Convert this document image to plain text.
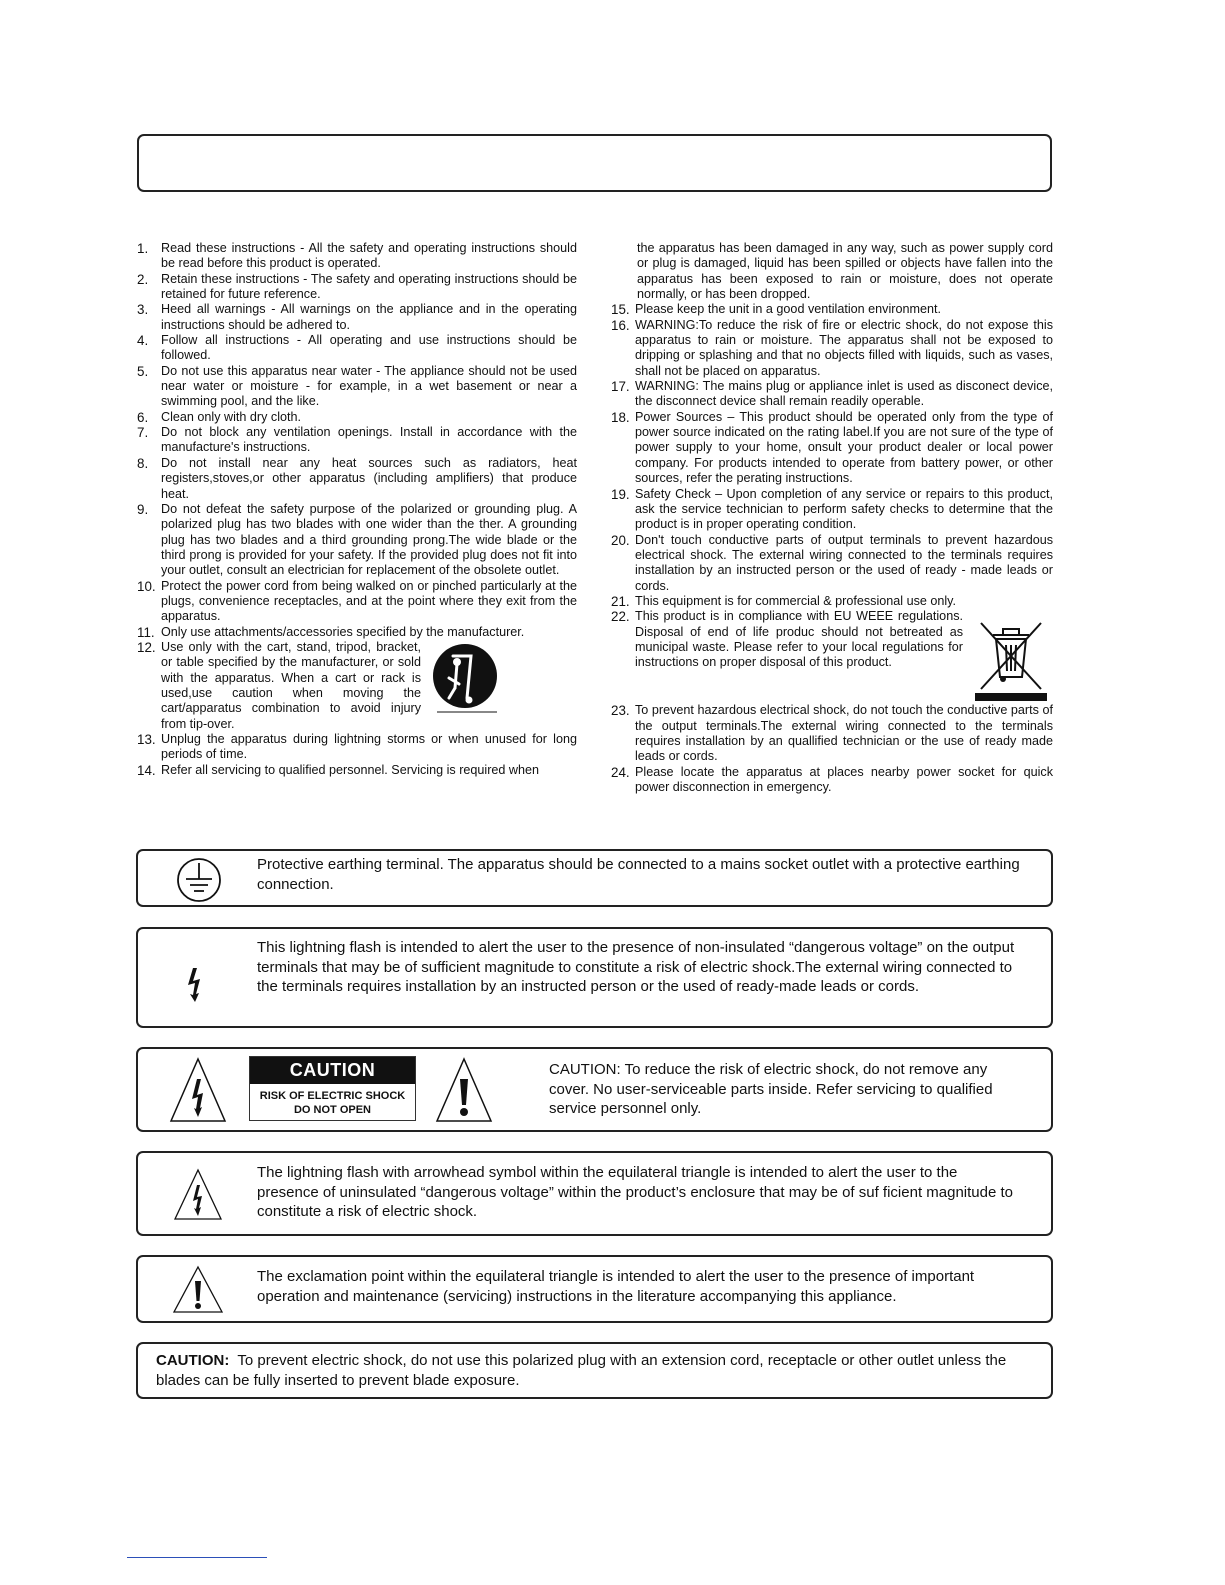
1.	Read these instructions - All the safety and operating instructions should be read before this product is operated.
2.	Retain these instructions - The safety and operating instructions should be retained for future reference.
3.	Heed all warnings - All warnings on the appliance and in the operating instructions should be adhered to.
4.	Follow all instructions - All operating and use instructions should be followed.
5.	Do not use this apparatus near water - The appliance should not be used near water or moisture - for example, in a wet basement or near a swimming pool, and the like.
6.	Clean only with dry cloth.
7.	Do not block any ventilation openings. Install in accordance with the manufacture's instructions.
8.	Do not install near any heat sources such as radiators, heat registers,stoves,or other apparatus (including amplifiers) that produce heat.
9.	Do not defeat the safety purpose of the polarized or grounding plug. A polarized plug has two blades with one wider than the ther. A grounding plug has two blades and a third grounding prong.The wide blade or the third prong is provided for your safety. If the provided plug does not fit into your outlet, consult an electrician for replacement of the obsolete outlet.
10. Protect the power cord from being walked on or pinched particularly at the plugs, convenience receptacles, and at the point where they exit from the apparatus.
11. Only use attachments/accessories specified by the manufacturer.
12. Use only with the cart, stand, tripod, bracket, or table specified by the manufacturer, or sold with the apparatus. When a cart or rack is used,use caution when moving the cart/apparatus combination to avoid injury from tip-over.
13. Unplug the apparatus during lightning storms or when unused for long periods of time.
14. Refer all servicing to qualified personnel. Servicing is required when
the apparatus has been damaged in any way, such as power supply cord or plug is damaged, liquid has been spilled or objects have fallen into the apparatus has been exposed to rain or moisture, does not operate normally, or has been dropped.
15. Please keep the unit in a good ventilation environment.
16. WARNING:To reduce the risk of fire or electric shock, do not expose this apparatus to rain or moisture. The apparatus shall not be exposed to dripping or splashing and that no objects filled with liquids, such as vases, shall not be placed on apparatus.
17. WARNING: The mains plug or appliance inlet is used as disconect device, the disconnect device shall remain readily operable.
18. Power Sources – This product should be operated only from the type of power source indicated on the rating label.If you are not sure of the type of power supply to your home, onsult your product dealer or local power company. For products intended to operate from battery power, or other sources, refer the perating instructions.
19. Safety Check – Upon completion of any service or repairs to this product, ask the service technician to perform safety checks to determine that the product is in proper operating condition.
20. Don't touch conductive parts of output terminals to prevent hazardous electrical shock. The external wiring connected to the terminals requires installation by an instructed person or the used of ready - made leads or cords.
21. This equipment is for commercial & professional use only.
22. This product is in compliance with EU WEEE regulations. Disposal of end of life produc should not betreated as municipal waste. Please refer to your local regulations for instructions on proper disposal of this product.
23. To prevent hazardous electrical shock, do not touch the conductive parts of the output terminals.The external wiring connected to the terminals requires installation by an quallified technician or the use of ready made leads or cords.
24. Please locate the apparatus at places nearby power socket for quick power disconnection in emergency.
Protective earthing terminal. The apparatus should be connected to a mains socket outlet with a protective earthing connection.
This lightning flash is intended to alert the user to the presence of non-insulated “dangerous voltage” on the output terminals that may be of sufficient magnitude to constitute a risk of electric shock.The external wiring connected to the terminals requires installation by an instructed person or the used of ready-made leads or cords.
CAUTION
RISK OF ELECTRIC SHOCK
DO NOT OPEN
CAUTION: To reduce the risk of electric shock, do not remove any cover. No user-serviceable parts inside. Refer servicing to qualified service personnel only.
The lightning flash with arrowhead symbol within the equilateral triangle is intended to alert the user to the presence of uninsulated “dangerous voltage” within the product’s enclosure that may be of suf ficient magnitude to constitute a risk of electric shock.
The exclamation point within the equilateral triangle is intended to alert the user to the presence of important operation and maintenance (servicing) instructions in the literature accompanying this appliance.
CAUTION: To prevent electric shock, do not use this polarized plug with an extension cord, receptacle or other outlet unless the blades can be fully inserted to prevent blade exposure.
